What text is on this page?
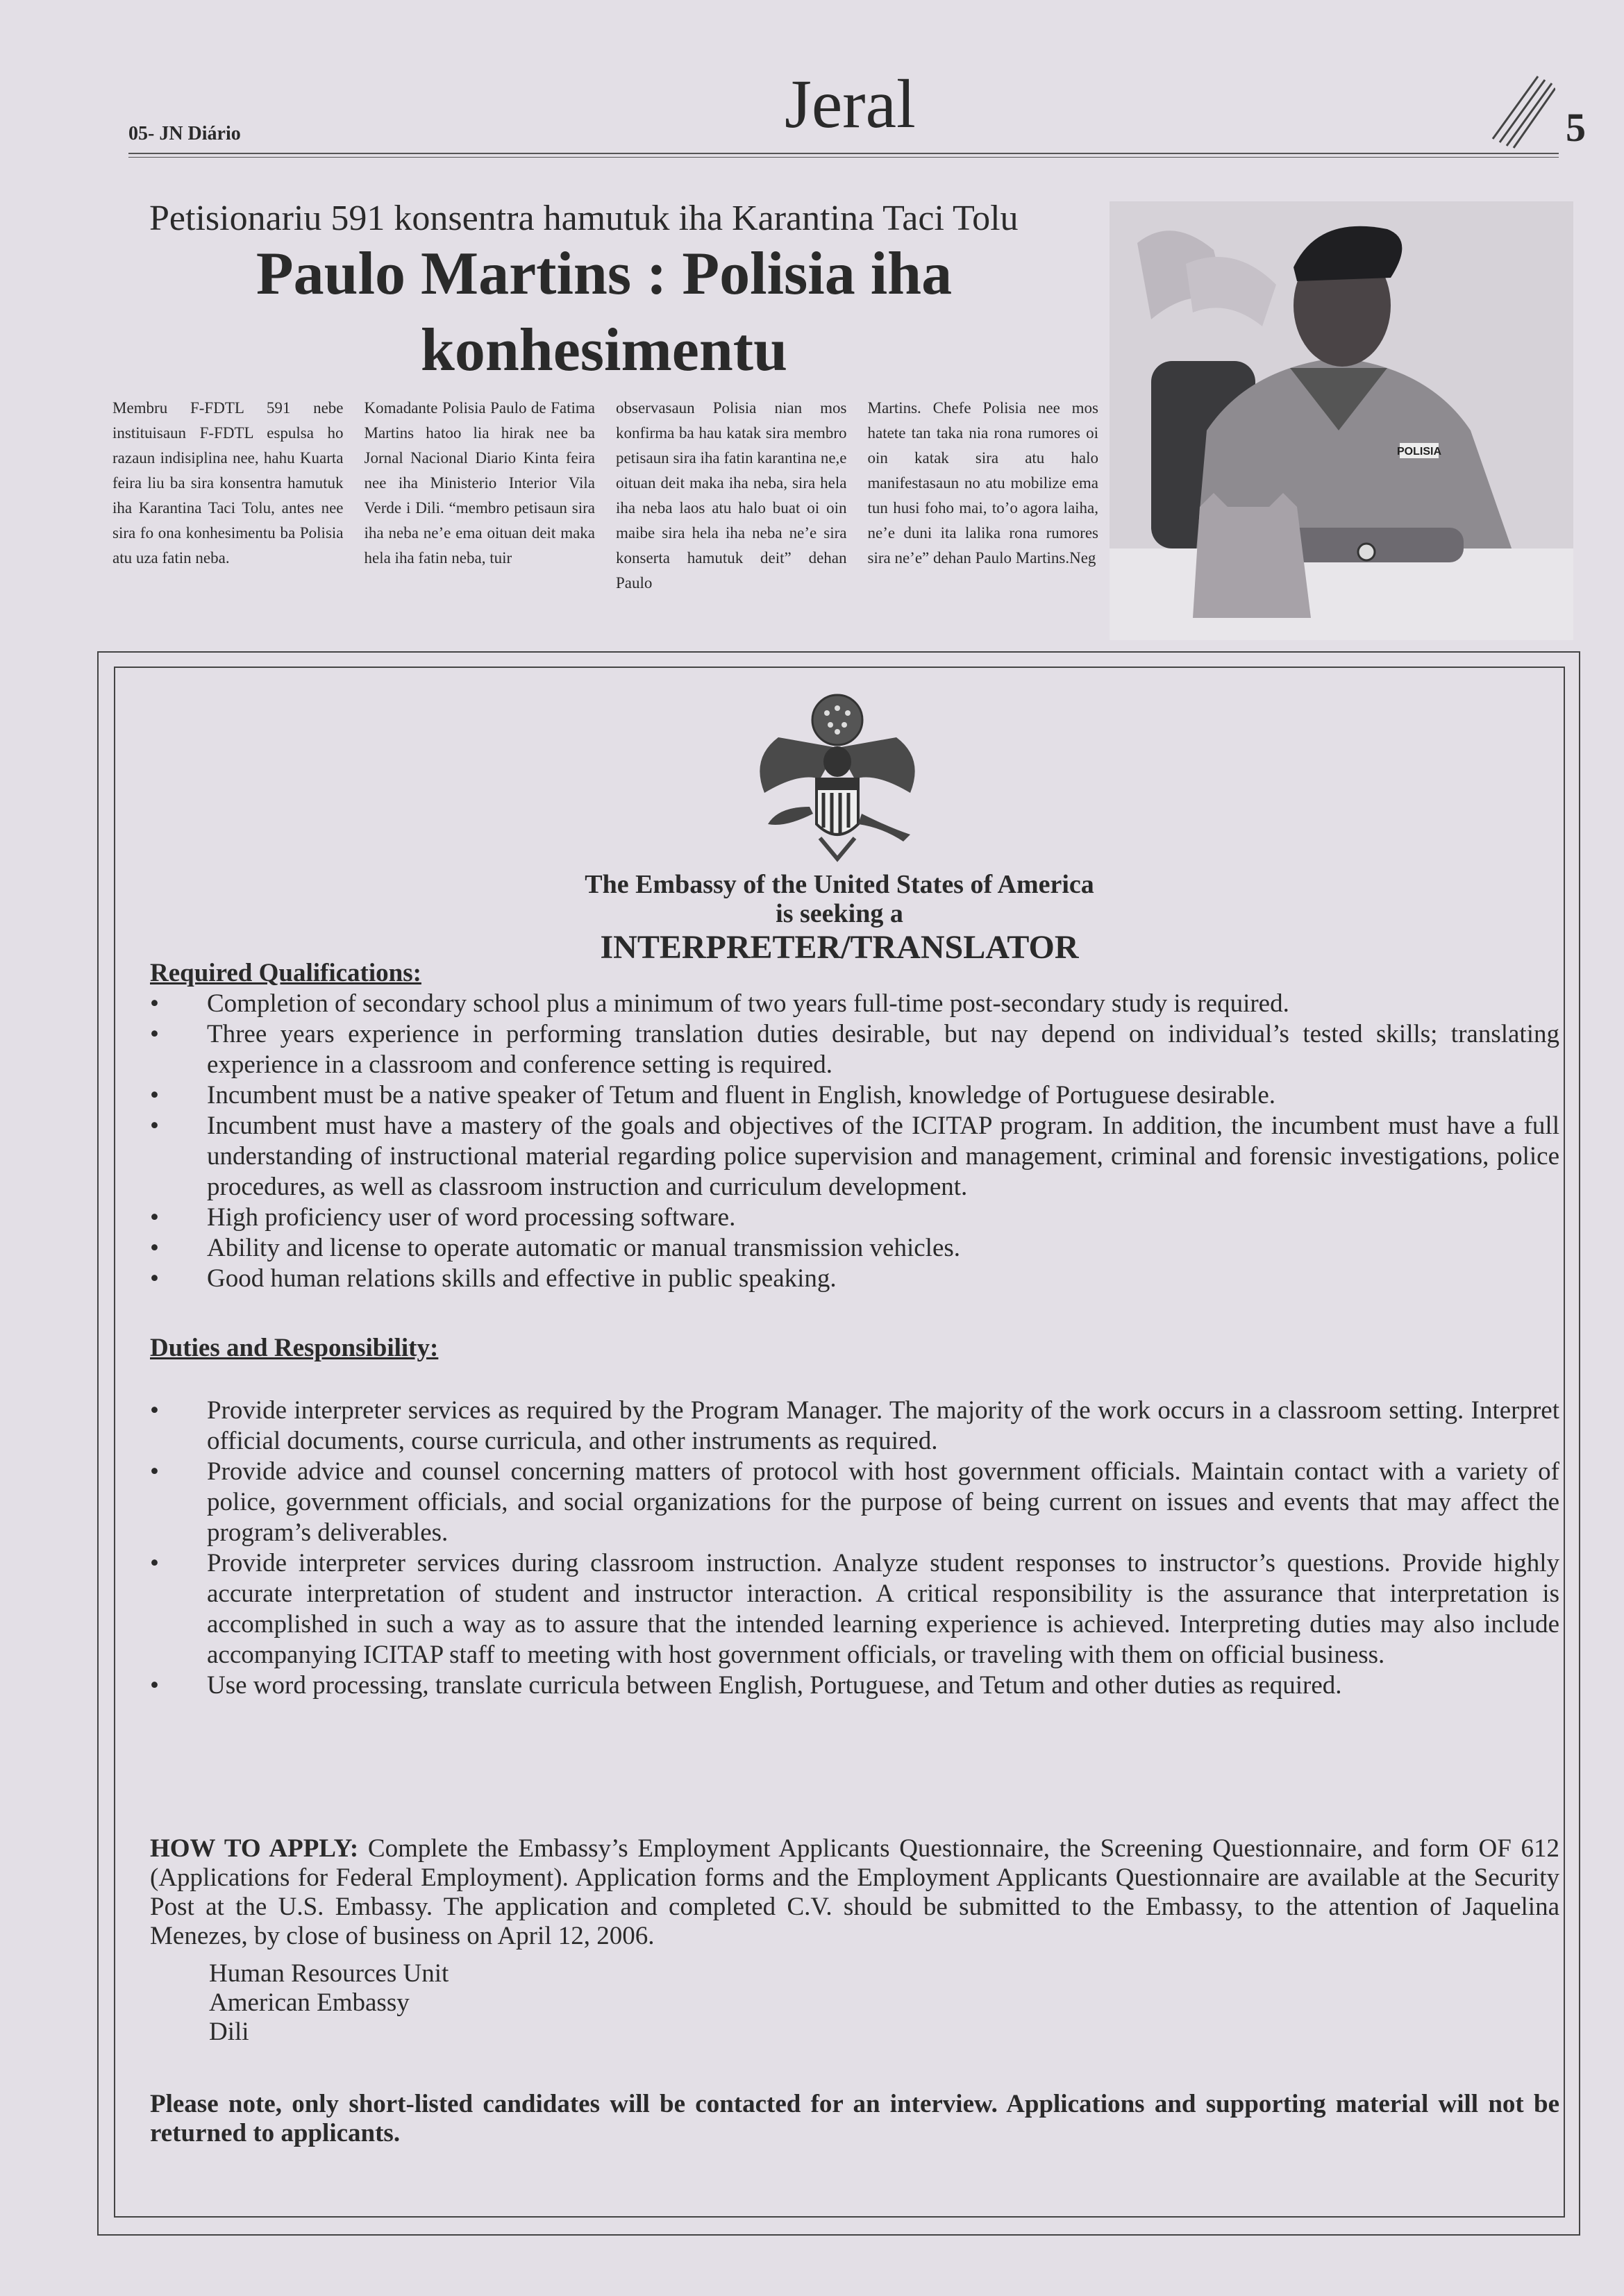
05- JN Diário	Jeral	5
Petisionariu 591 konsentra hamutuk iha Karantina Taci Tolu
Paulo Martins : Polisia iha konhesimentu
Membru F-FDTL 591 nebe instituisaun F-FDTL espulsa ho razaun indisiplina nee, hahu Kuarta feira liu ba sira konsentra hamutuk iha Karantina Taci Tolu, antes nee sira fo ona konhesimentu ba Polisia atu uza fatin neba.
Komadante Polisia Paulo de Fatima Martins hatoo lia hirak nee ba Jornal Nacional Diario Kinta feira nee iha Ministerio Interior Vila Verde i Dili. “membro petisaun sira iha neba ne’e ema oituan deit maka hela iha fatin neba, tuir
observasaun Polisia nian mos konfirma ba hau katak sira membro petisaun sira iha fatin karantina ne,e oituan deit maka iha neba, sira hela iha neba laos atu halo buat oi oin maibe sira hela iha neba ne’e sira konserta hamutuk deit” dehan Paulo
Martins. Chefe Polisia nee mos hatete tan taka nia rona rumores oi oin katak sira atu halo manifestasaun no atu mobilize ema tun husi foho mai, to’o agora laiha, ne’e duni ita lalika rona rumores sira ne’e” dehan Paulo Martins.Neg
POLISIA
The Embassy of the United States of America
is seeking a
INTERPRETER/TRANSLATOR
Required Qualifications:
•	Completion of secondary school plus a minimum of two years full-time post-secondary study is required.
•	Three years experience in performing translation duties desirable, but nay depend on individual’s tested skills; translating experience in a classroom and conference setting is required.
•	Incumbent must be a native speaker of Tetum and fluent in English, knowledge of Portuguese desirable.
•	Incumbent must have a mastery of the goals and objectives of the ICITAP program. In addition, the incumbent must have a full understanding of instructional material regarding police supervision and management, criminal and forensic investigations, police procedures, as well as classroom instruction and curriculum development.
•	High proficiency user of word processing software.
•	Ability and license to operate automatic or manual transmission vehicles.
•	Good human relations skills and effective in public speaking.
Duties and Responsibility:
•	Provide interpreter services as required by the Program Manager. The majority of the work occurs in a classroom setting. Interpret official documents, course curricula, and other instruments as required.
•	Provide advice and counsel concerning matters of protocol with host government officials. Maintain contact with a variety of police, government officials, and social organizations for the purpose of being current on issues and events that may affect the program’s deliverables.
•	Provide interpreter services during classroom instruction. Analyze student responses to instructor’s questions. Provide highly accurate interpretation of student and instructor interaction. A critical responsibility is the assurance that interpretation is accomplished in such a way as to assure that the intended learning experience is achieved. Interpreting duties may also include accompanying ICITAP staff to meeting with host government officials, or traveling with them on official business.
•	Use word processing, translate curricula between English, Portuguese, and Tetum and other duties as required.
HOW TO APPLY: Complete the Embassy’s Employment Applicants Questionnaire, the Screening Questionnaire, and form OF 612 (Applications for Federal Employment). Application forms and the Employment Applicants Questionnaire are available at the Security Post at the U.S. Embassy. The application and completed C.V. should be submitted to the Embassy, to the attention of Jaquelina Menezes, by close of business on April 12, 2006.
Human Resources Unit
American Embassy
Dili
Please note, only short-listed candidates will be contacted for an interview. Applications and supporting material will not be returned to applicants.
